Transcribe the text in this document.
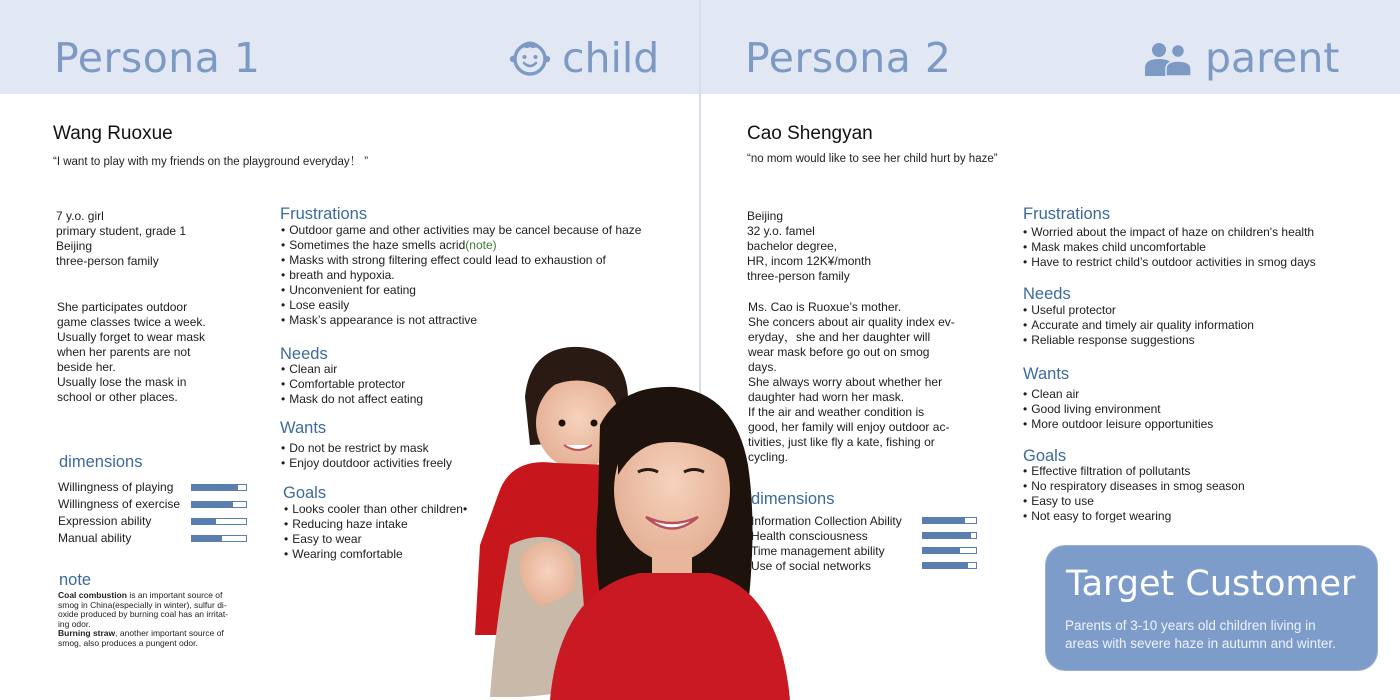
Persona 1	child Persona 2	parent
Wang Ruoxue
“I want to play with my friends on the playground everyday！ ”
7 y.o. girl
primary student, grade 1
Beijing
three-person family
She participates outdoor
game classes twice a week.
Usually forget to wear mask
when her parents are not
beside her.
Usually lose the mask in
school or other places.
dimensions
Willingness of playing
Willingness of exercise
Expression ability
Manual ability
note
Coal combustion is an important source of
smog in China(especially in winter), sulfur di-
oxide produced by burning coal has an irritat-
ing odor.
Burning straw, another important source of
smog, also produces a pungent odor.
Frustrations
• Outdoor game and other activities may be cancel because of haze
• Sometimes the haze smells acrid(note)
• Masks with strong filtering effect could lead to exhaustion of
• breath and hypoxia.
• Unconvenient for eating
• Lose easily
• Mask’s appearance is not attractive
Needs
• Clean air
• Comfortable protector
• Mask do not affect eating
Wants
• Do not be restrict by mask
• Enjoy doutdoor activities freely
Goals
• Looks cooler than other children•
• Reducing haze intake
• Easy to wear
• Wearing comfortable
Cao Shengyan
“no mom would like to see her child hurt by haze”
Beijing
32 y.o. famel
bachelor degree,
HR, incom 12K¥/month
three-person family
Ms. Cao is Ruoxue’s mother.
She concers about air quality index ev-
eryday，she and her daughter will
wear mask before go out on smog
days.
She always worry about whether her
daughter had worn her mask.
If the air and weather condition is
good, her family will enjoy outdoor ac-
tivities, just like fly a kate, fishing or
cycling.
dimensions
Information Collection Ability
Health consciousness
Time management ability
Use of social networks
Frustrations
• Worried about the impact of haze on children's health
• Mask makes child uncomfortable
• Have to restrict child’s outdoor activities in smog days
Needs
• Useful protector
• Accurate and timely air quality information
• Reliable response suggestions
Wants
• Clean air
• Good living environment
• More outdoor leisure opportunities
Goals
• Effective filtration of pollutants
• No respiratory diseases in smog season
• Easy to use
• Not easy to forget wearing
Target Customer
Parents of 3-10 years old children living in
areas with severe haze in autumn and winter.
